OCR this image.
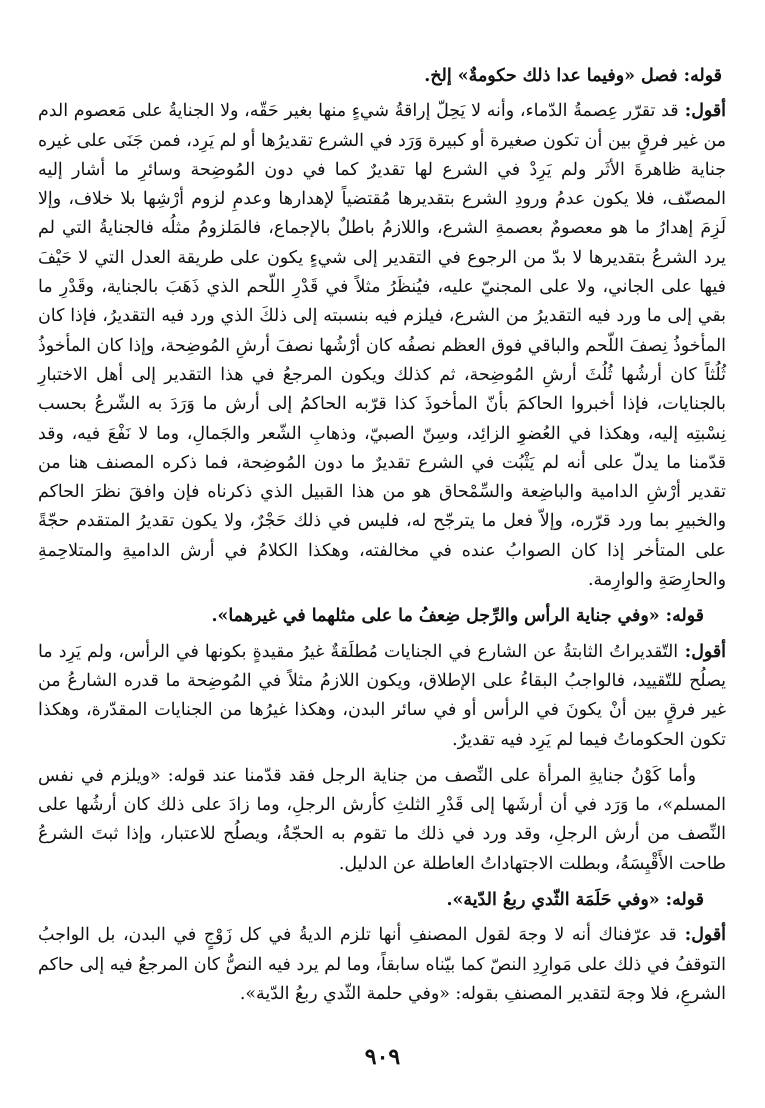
قوله: فصل «وفيما عدا ذلك حكومةٌ» إلخ.

أقول: قد تقرّر عِصمةُ الدّماء، وأنه لا يَحِلّ إراقةُ شيءٍ منها بغير حَقّه، ولا الجنايةُ على مَعصوم الدم من غير فرقٍ بين أن تكون صغيرة أو كبيرة وَرَد في الشرع تقديرُها أو لم يَرِد، فمن جَنَى على غيره جناية ظاهرةَ الأثَر ولم يَرِدْ في الشرع لها تقديرٌ كما في دون المُوضِحة وسائرِ ما أشار إليه المصنّف، فلا يكون عدمُ ورودِ الشرع بتقديرها مُقتضياً لإهدارها وعدمِ لزوم أرْشِها بلا خلاف، وإلا لَزِمَ إهدارُ ما هو معصومٌ بعصمةِ الشرع، واللازمُ باطلٌ بالإجماع، فالمَلزومُ مثلُه فالجنايةُ التي لم يرد الشرعُ بتقديرها لا بدّ من الرجوع في التقدير إلى شيءٍ يكون على طريقة العدل التي لا حَيْفَ فيها على الجاني، ولا على المجنيّ عليه، فيُنظَرُ مثلاً في قَدْرِ اللّحم الذي ذَهَبَ بالجناية، وقَدْرِ ما بقي إلى ما ورد فيه التقديرُ من الشرع، فيلزم فيه بنسبته إلى ذلكَ الذي ورد فيه التقديرُ، فإذا كان المأخوذُ نِصفَ اللّحم والباقي فوق العظم نصفُه كان أرْشُها نصفَ أرشِ المُوضِحة، وإذا كان المأخوذُ ثُلُثاً كان أرشُها ثُلُثَ أرشِ المُوضِحة، ثم كذلك ويكون المرجعُ في هذا التقدير إلى أهل الاختبارِ بالجنايات، فإذا أخبروا الحاكمَ بأنّ المأخوذَ كذا قرّبه الحاكمُ إلى أرش ما وَرَدَ به الشّرعُ بحسب نِسْبتِه إليه، وهكذا في العُضوِ الزائِد، وسِنّ الصبيّ، وذهابِ الشّعر والجَمالِ، وما لا نَفْعَ فيه، وقد قدّمنا ما يدلّ على أنه لم يَثْبُت في الشرع تقديرٌ ما دون المُوضِحة، فما ذكره المصنف هنا من تقدير أرْشِ الدامية والباضِعة والسِّمْحاق هو من هذا القبيل الذي ذكرناه فإن وافقَ نظرَ الحاكم والخبيرِ بما ورد قرّره، وإلاّ فعل ما يترجّح له، فليس في ذلك حَجْرٌ، ولا يكون تقديرُ المتقدم حجّةً على المتأخر إذا كان الصوابُ عنده في مخالفته، وهكذا الكلامُ في أرش الداميةِ والمتلاحِمةِ والحارِصَةِ والوارِمة.

قوله: «وفي جناية الرأس والرِّجل ضِعفُ ما على مثلهما في غيرهما».

أقول: التّقديراتُ الثابتةُ عن الشارع في الجنايات مُطلَقةٌ غيرُ مقيدةٍ بكونها في الرأس، ولم يَرِد ما يصلُح للتّقييد، فالواجبُ البقاءُ على الإطلاق، ويكون اللازمُ مثلاً في المُوضِحة ما قدره الشارعُ من غير فرقٍ بين أنْ يكونَ في الرأس أو في سائر البدن، وهكذا غيرُها من الجنايات المقدّرة، وهكذا تكون الحكوماتُ فيما لم يَرِد فيه تقديرٌ.

وأما كَوْنُ جنايةِ المرأة على النِّصف من جناية الرجل فقد قدّمنا عند قوله: «ويلزم في نفس المسلم»، ما وَرَد في أن أرشَها إلى قَدْرِ الثلثِ كأرش الرجلِ، وما زادَ على ذلك كان أرشُها على النِّصف من أرش الرجلِ، وقد ورد في ذلك ما تقوم به الحجّةُ، ويصلُح للاعتبار، وإذا ثبتَ الشرعُ طاحت الأَقْيِسَةُ، وبطلت الاجتهاداتُ العاطلة عن الدليل.

قوله: «وفي حَلَمَة الثّدي ربعُ الدّية».

أقول: قد عرّفناك أنه لا وجهَ لقول المصنفِ أنها تلزم الديةُ في كل زَوْجٍ في البدن، بل الواجبُ التوقفُ في ذلك على مَوارِدِ النصّ كما بيّناه سابقاً، وما لم يرد فيه النصُّ كان المرجعُ فيه إلى حاكم الشرعِ، فلا وجهَ لتقدير المصنفِ بقوله: «وفي حلمة الثّدي ربعُ الدّية».

٩٠٩
